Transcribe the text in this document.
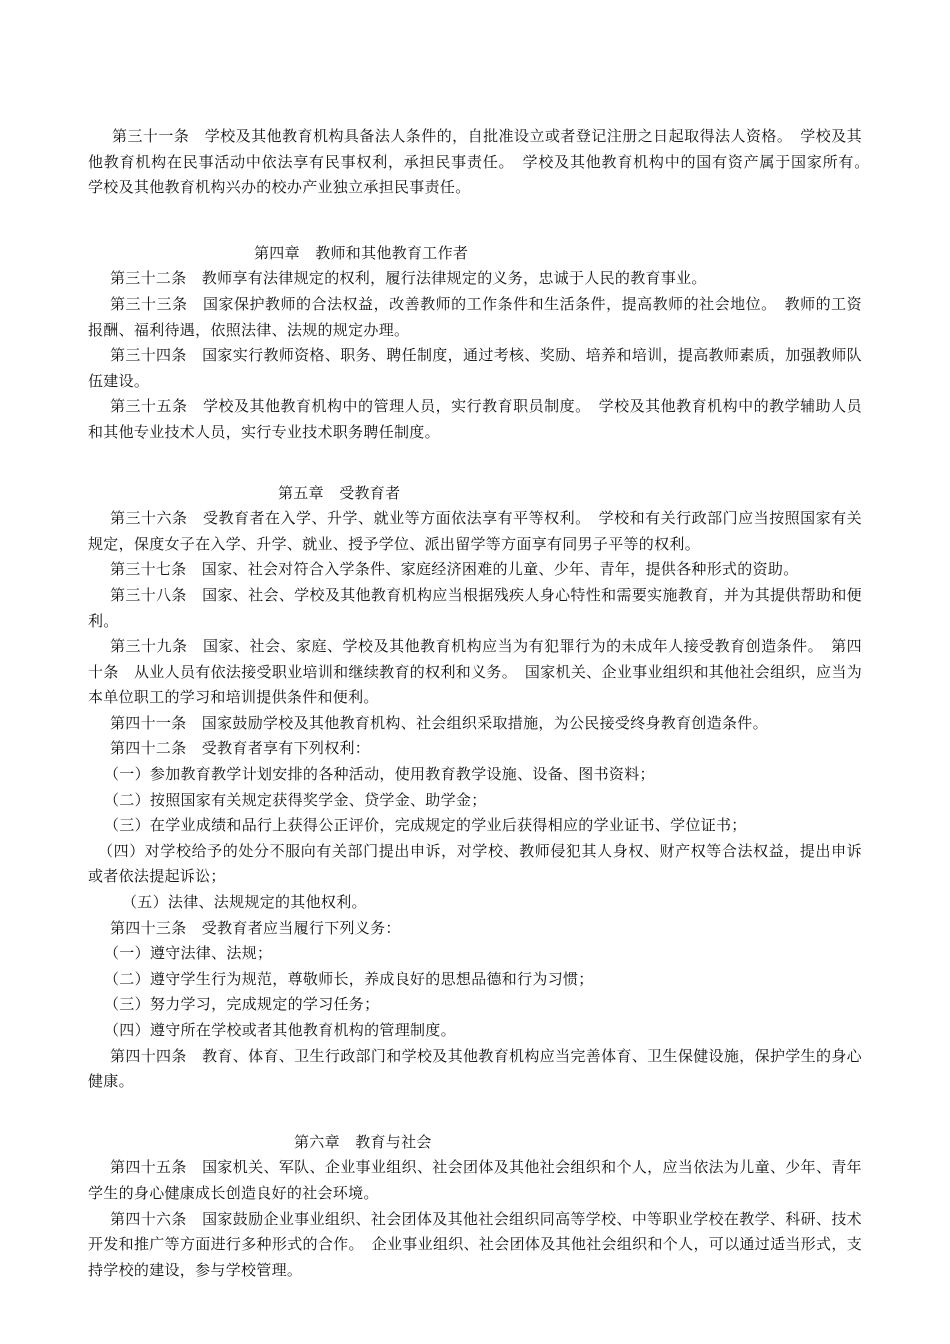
第三十一条　学校及其他教育机构具备法人条件的，自批准设立或者登记注册之日起取得法人资格。　学校及其他教育机构在民事活动中依法享有民事权利，承担民事责任。　学校及其他教育机构中的国有资产属于国家所有。　学校及其他教育机构兴办的校办产业独立承担民事责任。

第四章　教师和其他教育工作者

第三十二条　教师享有法律规定的权利，履行法律规定的义务，忠诚于人民的教育事业。

第三十三条　国家保护教师的合法权益，改善教师的工作条件和生活条件，提高教师的社会地位。　教师的工资报酬、福利待遇，依照法律、法规的规定办理。

第三十四条　国家实行教师资格、职务、聘任制度，通过考核、奖励、培养和培训，提高教师素质，加强教师队伍建设。

第三十五条　学校及其他教育机构中的管理人员，实行教育职员制度。　学校及其他教育机构中的教学辅助人员和其他专业技术人员，实行专业技术职务聘任制度。

第五章　受教育者

第三十六条　受教育者在入学、升学、就业等方面依法享有平等权利。　学校和有关行政部门应当按照国家有关规定，保度女子在入学、升学、就业、授予学位、派出留学等方面享有同男子平等的权利。

第三十七条　国家、社会对符合入学条件、家庭经济困难的儿童、少年、青年，提供各种形式的资助。

第三十八条　国家、社会、学校及其他教育机构应当根据残疾人身心特性和需要实施教育，并为其提供帮助和便利。

第三十九条　国家、社会、家庭、学校及其他教育机构应当为有犯罪行为的未成年人接受教育创造条件。　第四十条　从业人员有依法接受职业培训和继续教育的权利和义务。　国家机关、企业事业组织和其他社会组织，应当为本单位职工的学习和培训提供条件和便利。

第四十一条　国家鼓励学校及其他教育机构、社会组织采取措施，为公民接受终身教育创造条件。

第四十二条　受教育者享有下列权利：

（一）参加教育教学计划安排的各种活动，使用教育教学设施、设备、图书资料；

（二）按照国家有关规定获得奖学金、贷学金、助学金；

（三）在学业成绩和品行上获得公正评价，完成规定的学业后获得相应的学业证书、学位证书；

（四）对学校给予的处分不服向有关部门提出申诉，对学校、教师侵犯其人身权、财产权等合法权益，提出申诉或者依法提起诉讼；

（五）法律、法规规定的其他权利。

第四十三条　受教育者应当履行下列义务：

（一）遵守法律、法规；

（二）遵守学生行为规范，尊敬师长，养成良好的思想品德和行为习惯；

（三）努力学习，完成规定的学习任务；

（四）遵守所在学校或者其他教育机构的管理制度。

第四十四条　教育、体育、卫生行政部门和学校及其他教育机构应当完善体育、卫生保健设施，保护学生的身心健康。

第六章　教育与社会

第四十五条　国家机关、军队、企业事业组织、社会团体及其他社会组织和个人，应当依法为儿童、少年、青年学生的身心健康成长创造良好的社会环境。

第四十六条　国家鼓励企业事业组织、社会团体及其他社会组织同高等学校、中等职业学校在教学、科研、技术开发和推广等方面进行多种形式的合作。　企业事业组织、社会团体及其他社会组织和个人，可以通过适当形式，支持学校的建设，参与学校管理。
